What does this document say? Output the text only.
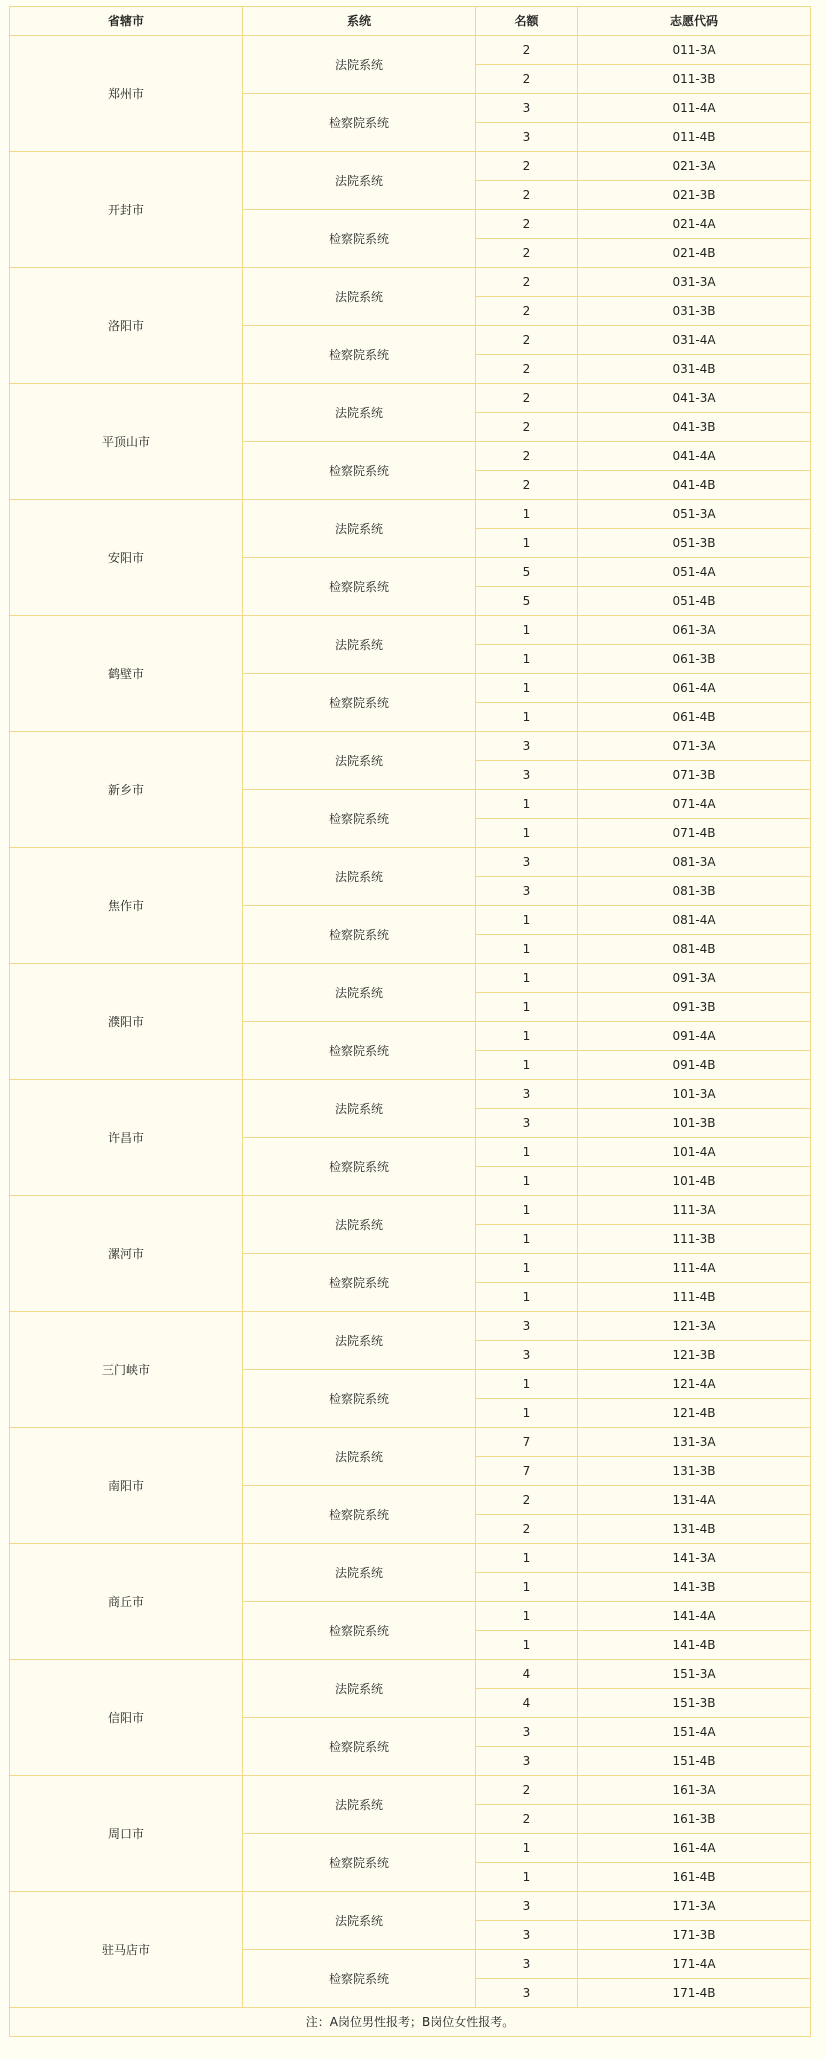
省辖市	系统	名额	志愿代码
郑州市	法院系统	2	011-3A
		2	011-3B
	检察院系统	3	011-4A
		3	011-4B
开封市	法院系统	2	021-3A
		2	021-3B
	检察院系统	2	021-4A
		2	021-4B
洛阳市	法院系统	2	031-3A
		2	031-3B
	检察院系统	2	031-4A
		2	031-4B
平顶山市	法院系统	2	041-3A
		2	041-3B
	检察院系统	2	041-4A
		2	041-4B
安阳市	法院系统	1	051-3A
		1	051-3B
	检察院系统	5	051-4A
		5	051-4B
鹤壁市	法院系统	1	061-3A
		1	061-3B
	检察院系统	1	061-4A
		1	061-4B
新乡市	法院系统	3	071-3A
		3	071-3B
	检察院系统	1	071-4A
		1	071-4B
焦作市	法院系统	3	081-3A
		3	081-3B
	检察院系统	1	081-4A
		1	081-4B
濮阳市	法院系统	1	091-3A
		1	091-3B
	检察院系统	1	091-4A
		1	091-4B
许昌市	法院系统	3	101-3A
		3	101-3B
	检察院系统	1	101-4A
		1	101-4B
漯河市	法院系统	1	111-3A
		1	111-3B
	检察院系统	1	111-4A
		1	111-4B
三门峡市	法院系统	3	121-3A
		3	121-3B
	检察院系统	1	121-4A
		1	121-4B
南阳市	法院系统	7	131-3A
		7	131-3B
	检察院系统	2	131-4A
		2	131-4B
商丘市	法院系统	1	141-3A
		1	141-3B
	检察院系统	1	141-4A
		1	141-4B
信阳市	法院系统	4	151-3A
		4	151-3B
	检察院系统	3	151-4A
		3	151-4B
周口市	法院系统	2	161-3A
		2	161-3B
	检察院系统	1	161-4A
		1	161-4B
驻马店市	法院系统	3	171-3A
		3	171-3B
	检察院系统	3	171-4A
		3	171-4B
注：A岗位男性报考；B岗位女性报考。			
